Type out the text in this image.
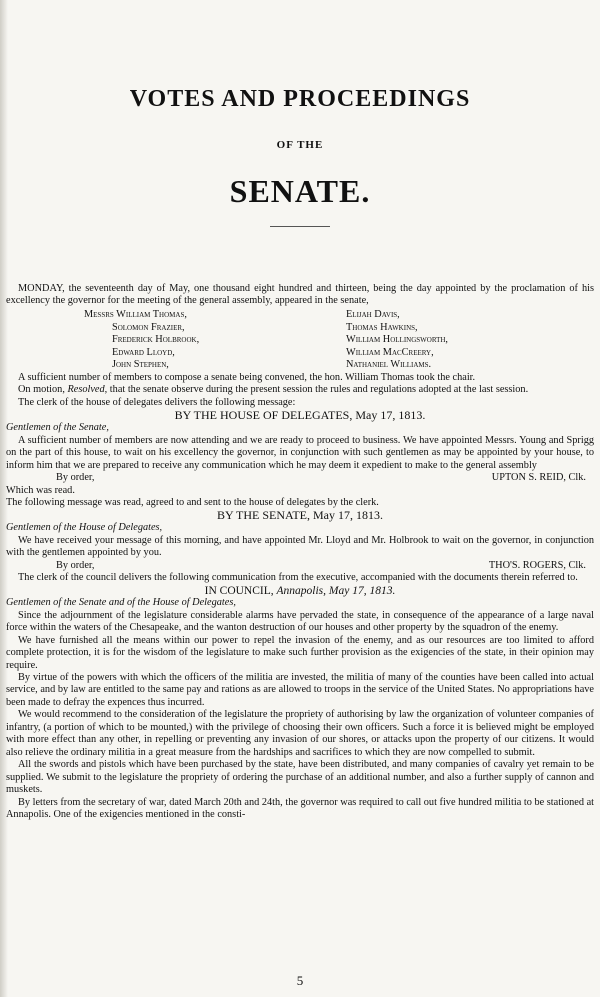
VOTES AND PROCEEDINGS
OF THE
SENATE.

MONDAY, the seventeenth day of May, one thousand eight hundred and thirteen, being the day appointed by the proclamation of his excellency the governor for the meeting of the general assembly, appeared in the senate,

Messrs William Thomas,
Solomon Frazier,
Frederick Holbrook,
Edward Lloyd,
John Stephen,
Elijah Davis,
Thomas Hawkins,
William Hollingsworth,
William MacCreery,
Nathaniel Williams.

A sufficient number of members to compose a senate being convened, the hon. William Thomas took the chair.

On motion, Resolved, that the senate observe during the present session the rules and regulations adopted at the last session.

The clerk of the house of delegates delivers the following message:

BY THE HOUSE OF DELEGATES, May 17, 1813.

Gentlemen of the Senate,

A sufficient number of members are now attending and we are ready to proceed to business. We have appointed Messrs. Young and Sprigg on the part of this house, to wait on his excellency the governor, in conjunction with such gentlemen as may be appointed by your house, to inform him that we are prepared to receive any communication which he may deem it expedient to make to the general assembly

By order,	UPTON S. REID, Clk.

Which was read.

The following message was read, agreed to and sent to the house of delegates by the clerk.

BY THE SENATE, May 17, 1813.

Gentlemen of the House of Delegates,

We have received your message of this morning, and have appointed Mr. Lloyd and Mr. Holbrook to wait on the governor, in conjunction with the gentlemen appointed by you.

By order,	THO'S. ROGERS, Clk.

The clerk of the council delivers the following communication from the executive, accompanied with the documents therein referred to.

IN COUNCIL, Annapolis, May 17, 1813.

Gentlemen of the Senate and of the House of Delegates,

Since the adjournment of the legislature considerable alarms have pervaded the state, in consequence of the appearance of a large naval force within the waters of the Chesapeake, and the wanton destruction of our houses and other property by the squadron of the enemy.

We have furnished all the means within our power to repel the invasion of the enemy, and as our resources are too limited to afford complete protection, it is for the wisdom of the legislature to make such further provision as the exigencies of the state, in their opinion may require.

By virtue of the powers with which the officers of the militia are invested, the militia of many of the counties have been called into actual service, and by law are entitled to the same pay and rations as are allowed to troops in the service of the United States. No appropriations have been made to defray the expences thus incurred.

We would recommend to the consideration of the legislature the propriety of authorising by law the organization of volunteer companies of infantry, (a portion of which to be mounted,) with the privilege of choosing their own officers. Such a force it is believed might be employed with more effect than any other, in repelling or preventing any invasion of our shores, or attacks upon the property of our citizens. It would also relieve the ordinary militia in a great measure from the hardships and sacrifices to which they are now compelled to submit.

All the swords and pistols which have been purchased by the state, have been distributed, and many companies of cavalry yet remain to be supplied. We submit to the legislature the propriety of ordering the purchase of an additional number, and also a further supply of cannon and muskets.

By letters from the secretary of war, dated March 20th and 24th, the governor was required to call out five hundred militia to be stationed at Annapolis. One of the exigencies mentioned in the consti-

5
